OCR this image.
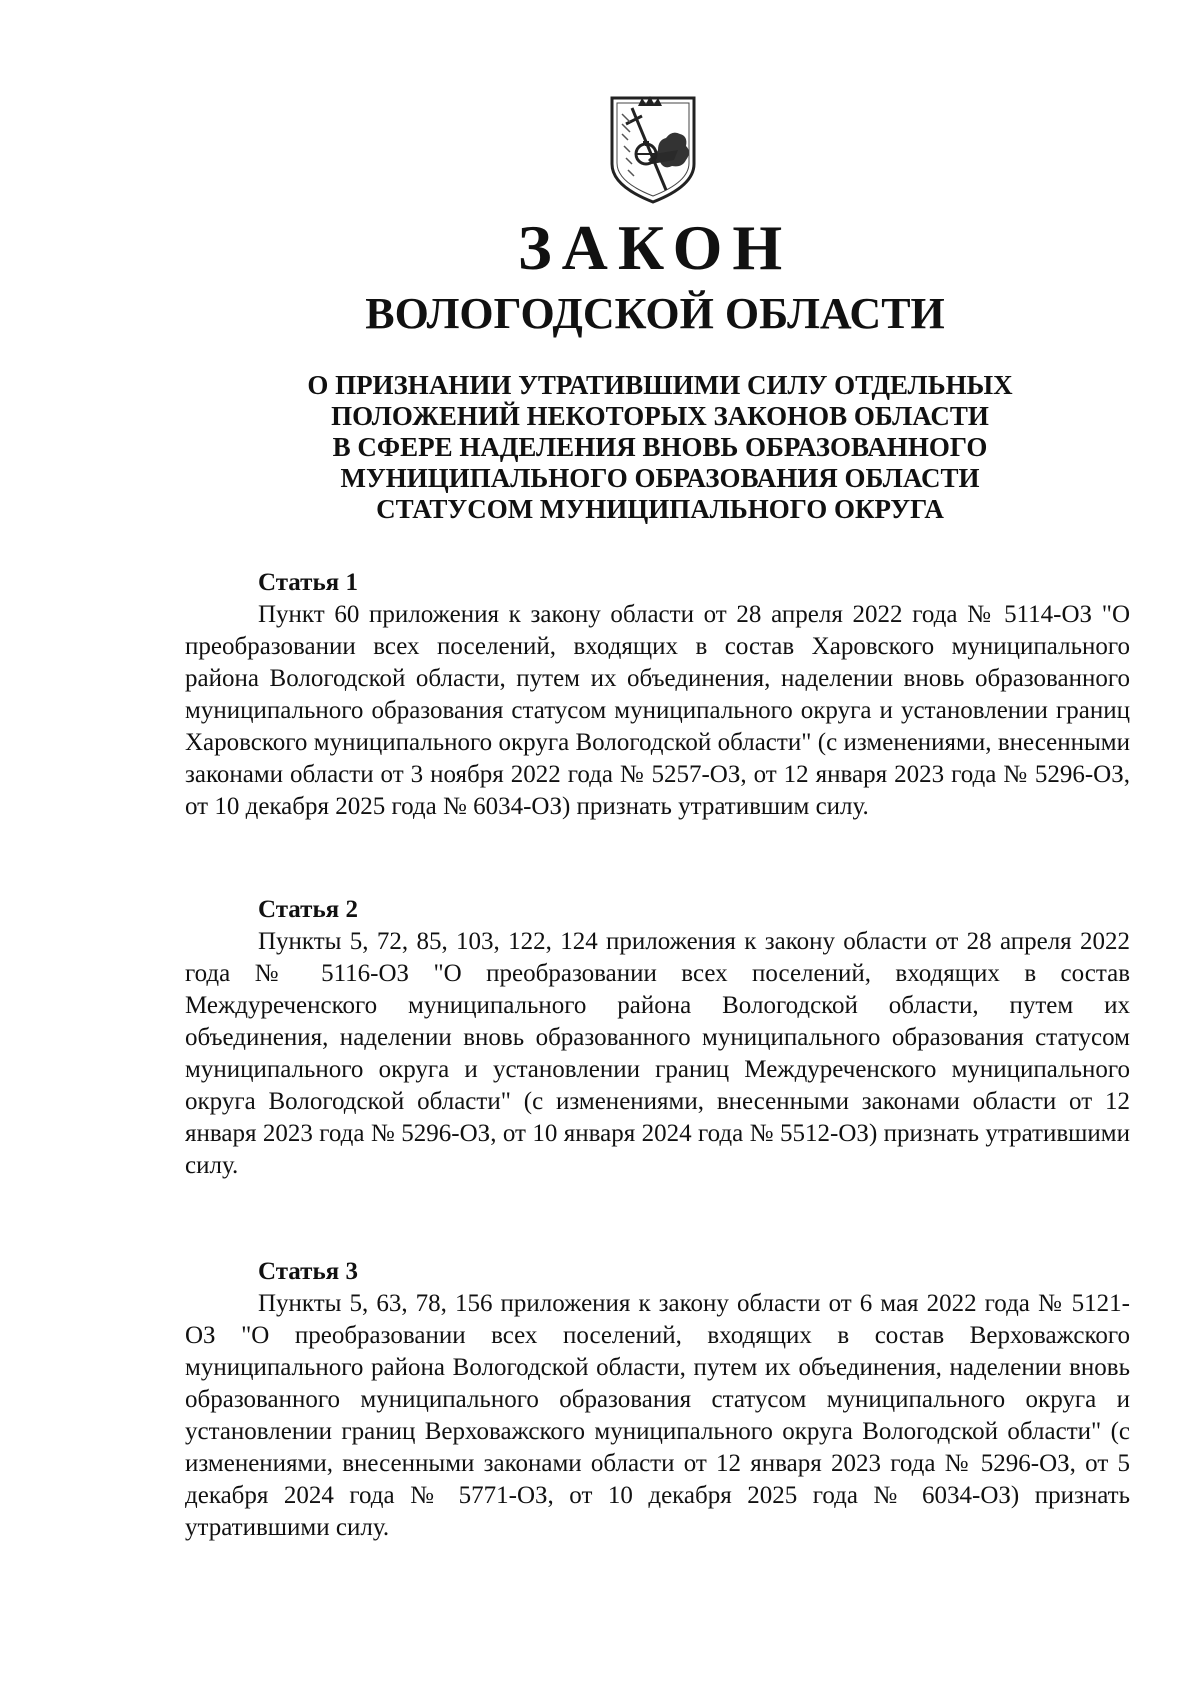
ЗАКОН
ВОЛОГОДСКОЙ ОБЛАСТИ
О ПРИЗНАНИИ УТРАТИВШИМИ СИЛУ ОТДЕЛЬНЫХ
ПОЛОЖЕНИЙ НЕКОТОРЫХ ЗАКОНОВ ОБЛАСТИ
В СФЕРЕ НАДЕЛЕНИЯ ВНОВЬ ОБРАЗОВАННОГО
МУНИЦИПАЛЬНОГО ОБРАЗОВАНИЯ ОБЛАСТИ
СТАТУСОМ МУНИЦИПАЛЬНОГО ОКРУГА
Статья 1
Пункт 60 приложения к закону области от 28 апреля 2022 года № 5114-ОЗ "О преобразовании всех поселений, входящих в состав Харовского муниципального района Вологодской области, путем их объединения, наделении вновь образованного муниципального образования статусом муниципального округа и установлении границ Харовского муниципального округа Вологодской области" (с изменениями, внесенными законами области от 3 ноября 2022 года № 5257-ОЗ, от 12 января 2023 года № 5296-ОЗ, от 10 декабря 2025 года № 6034-ОЗ) признать утратившим силу.
Статья 2
Пункты 5, 72, 85, 103, 122, 124 приложения к закону области от 28 апреля 2022 года № 5116-ОЗ "О преобразовании всех поселений, входящих в состав Междуреченского муниципального района Вологодской области, путем их объединения, наделении вновь образованного муниципального образования статусом муниципального округа и установлении границ Междуреченского муниципального округа Вологодской области" (с изменениями, внесенными законами области от 12 января 2023 года № 5296-ОЗ, от 10 января 2024 года № 5512-ОЗ) признать утратившими силу.
Статья 3
Пункты 5, 63, 78, 156 приложения к закону области от 6 мая 2022 года № 5121-ОЗ "О преобразовании всех поселений, входящих в состав Верховажского муниципального района Вологодской области, путем их объединения, наделении вновь образованного муниципального образования статусом муниципального округа и установлении границ Верховажского муниципального округа Вологодской области" (с изменениями, внесенными законами области от 12 января 2023 года № 5296-ОЗ, от 5 декабря 2024 года № 5771-ОЗ, от 10 декабря 2025 года № 6034-ОЗ) признать утратившими силу.
